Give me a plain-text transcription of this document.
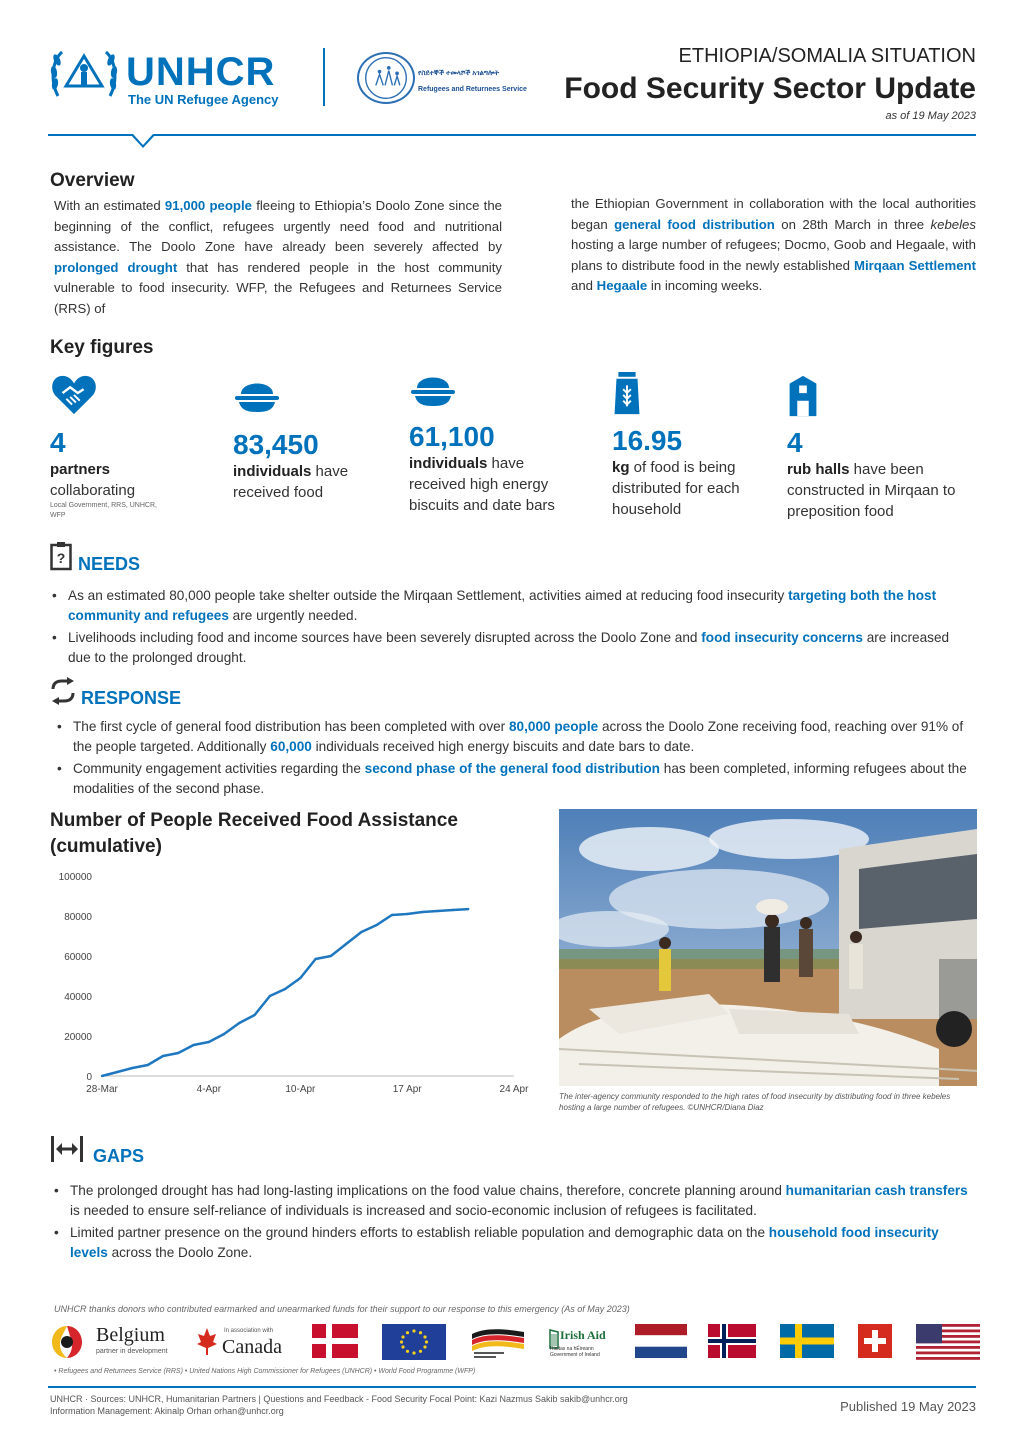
UNHCR
The UN Refugee Agency
የስደተኞች ተመላሾች አገልግሎት
Refugees and Returnees Service
ETHIOPIA/SOMALIA SITUATION
Food Security Sector Update
as of 19 May 2023
Overview
With an estimated 91,000 people fleeing to Ethiopia’s Doolo Zone since the beginning of the conflict, refugees urgently need food and nutritional assistance. The Doolo Zone have already been severely affected by prolonged drought that has rendered people in the host community vulnerable to food insecurity. WFP, the Refugees and Returnees Service (RRS) of
the Ethiopian Government in collaboration with the local authorities began general food distribution on 28th March in three kebeles hosting a large number of refugees; Docmo, Goob and Hegaale, with plans to distribute food in the newly established Mirqaan Settlement and Hegaale in incoming weeks.
Key figures
4
partners collaborating
Local Government, RRS, UNHCR, WFP
83,450
individuals have received food
61,100
individuals have received high energy biscuits and date bars
16.95
kg of food is being distributed for each household
4
rub halls have been constructed in Mirqaan to preposition food
? NEEDS
• As an estimated 80,000 people take shelter outside the Mirqaan Settlement, activities aimed at reducing food insecurity targeting both the host community and refugees are urgently needed.
• Livelihoods including food and income sources have been severely disrupted across the Doolo Zone and food insecurity concerns are increased due to the prolonged drought.
RESPONSE
• The first cycle of general food distribution has been completed with over 80,000 people across the Doolo Zone receiving food, reaching over 91% of the people targeted. Additionally 60,000 individuals received high energy biscuits and date bars to date.
• Community engagement activities regarding the second phase of the general food distribution has been completed, informing refugees about the modalities of the second phase.
Number of People Received Food Assistance (cumulative)
0
20000
40000
60000
80000
100000
28-Mar	4-Apr	10-Apr	17 Apr	24 Apr
The inter-agency community responded to the high rates of food insecurity by distributing food in three kebeles hosting a large number of refugees. ©UNHCR/Diana Diaz
GAPS
• The prolonged drought has had long-lasting implications on the food value chains, therefore, concrete planning around humanitarian cash transfers is needed to ensure self-reliance of individuals is increased and socio-economic inclusion of refugees is facilitated.
• Limited partner presence on the ground hinders efforts to establish reliable population and demographic data on the household food insecurity levels across the Doolo Zone.
UNHCR thanks donors who contributed earmarked and unearmarked funds for their support to our response to this emergency (As of May 2023)
Belgium
partner in development
In association with
Canada
Irish Aid
Rialtas na hÉireann Government of Ireland
• Refugees and Returnees Service (RRS) • United Nations High Commissioner for Refugees (UNHCR) • World Food Programme (WFP)
UNHCR · Sources: UNHCR, Humanitarian Partners | Questions and Feedback - Food Security Focal Point: Kazi Nazmus Sakib sakib@unhcr.org
Information Management: Akinalp Orhan orhan@unhcr.org	Published 19 May 2023
